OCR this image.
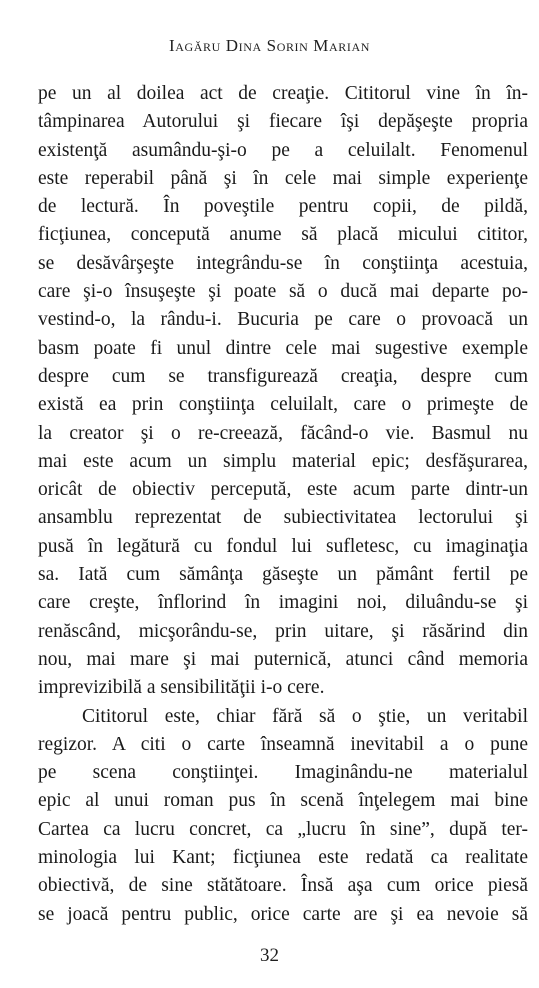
Iagăru Dina Sorin Marian
pe un al doilea act de creaţie. Cititorul vine în în-
tâmpinarea Autorului şi fiecare îşi depăşeşte propria
existenţă asumându-şi-o pe a celuilalt. Fenomenul
este reperabil până şi în cele mai simple experienţe
de lectură. În poveştile pentru copii, de pildă,
ficţiunea, concepută anume să placă micului cititor,
se desăvârşeşte integrându-se în conştiinţa acestuia,
care şi-o însuşeşte şi poate să o ducă mai departe po-
vestind-o, la rându-i. Bucuria pe care o provoacă un
basm poate fi unul dintre cele mai sugestive exemple
despre cum se transfigurează creaţia, despre cum
există ea prin conştiinţa celuilalt, care o primeşte de
la creator şi o re-creează, făcând-o vie. Basmul nu
mai este acum un simplu material epic; desfăşurarea,
oricât de obiectiv percepută, este acum parte dintr-un
ansamblu reprezentat de subiectivitatea lectorului şi
pusă în legătură cu fondul lui sufletesc, cu imaginaţia
sa. Iată cum sămânţa găseşte un pământ fertil pe
care creşte, înflorind în imagini noi, diluându-se şi
renăscând, micşorându-se, prin uitare, şi răsărind din
nou, mai mare şi mai puternică, atunci când memoria
imprevizibilă a sensibilităţii i-o cere.
Cititorul este, chiar fără să o ştie, un veritabil
regizor. A citi o carte înseamnă inevitabil a o pune
pe scena conştiinţei. Imaginându-ne materialul
epic al unui roman pus în scenă înţelegem mai bine
Cartea ca lucru concret, ca „lucru în sine”, după ter-
minologia lui Kant; ficţiunea este redată ca realitate
obiectivă, de sine stătătoare. Însă aşa cum orice piesă
se joacă pentru public, orice carte are şi ea nevoie să
32
